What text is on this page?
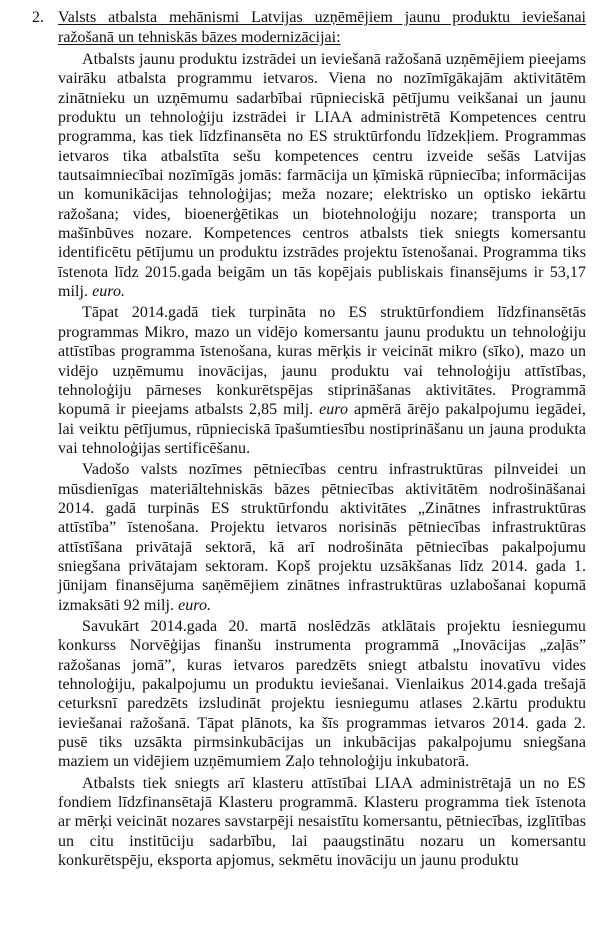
2. Valsts atbalsta mehānismi Latvijas uzņēmējiem jaunu produktu ieviešanai ražošanā un tehniskās bāzes modernizācijai:

Atbalsts jaunu produktu izstrādei un ieviešanā ražošanā uzņēmējiem pieejams vairāku atbalsta programmu ietvaros. Viena no nozīmīgākajām aktivitātēm zinātnieku un uzņēmumu sadarbībai rūpnieciskā pētījumu veikšanai un jaunu produktu un tehnoloģiju izstrādei ir LIAA administrētā Kompetences centru programma, kas tiek līdzfinansēta no ES struktūrfondu līdzekļiem. Programmas ietvaros tika atbalstīta sešu kompetences centru izveide sešās Latvijas tautsaimniecībai nozīmīgās jomās: farmācija un ķīmiskā rūpniecība; informācijas un komunikācijas tehnoloģijas; meža nozare; elektrisko un optisko iekārtu ražošana; vides, bioenerģētikas un biotehnoloģiju nozare; transporta un mašīnbūves nozare. Kompetences centros atbalsts tiek sniegts komersantu identificētu pētījumu un produktu izstrādes projektu īstenošanai. Programma tiks īstenota līdz 2015.gada beigām un tās kopējais publiskais finansējums ir 53,17 milj. euro.

Tāpat 2014.gadā tiek turpināta no ES struktūrfondiem līdzfinansētās programmas Mikro, mazo un vidējo komersantu jaunu produktu un tehnoloģiju attīstības programma īstenošana, kuras mērķis ir veicināt mikro (sīko), mazo un vidējo uzņēmumu inovācijas, jaunu produktu vai tehnoloģiju attīstības, tehnoloģiju pārneses konkurētspējas stiprināšanas aktivitātes. Programmā kopumā ir pieejams atbalsts 2,85 milj. euro apmērā ārējo pakalpojumu iegādei, lai veiktu pētījumus, rūpnieciskā īpašumtiesību nostiprināšanu un jauna produkta vai tehnoloģijas sertificēšanu.

Vadošo valsts nozīmes pētniecības centru infrastruktūras pilnveidei un mūsdienīgas materiāltehniskās bāzes pētniecības aktivitātēm nodrošināšanai 2014. gadā turpinās ES struktūrfondu aktivitātes „Zinātnes infrastruktūras attīstība” īstenošana. Projektu ietvaros norisinās pētniecības infrastruktūras attīstīšana privātajā sektorā, kā arī nodrošināta pētniecības pakalpojumu sniegšana privātajam sektoram. Kopš projektu uzsākšanas līdz 2014. gada 1. jūnijam finansējuma saņēmējiem zinātnes infrastruktūras uzlabošanai kopumā izmaksāti 92 milj. euro.

Savukārt 2014.gada 20. martā noslēdzās atklātais projektu iesniegumu konkurss Norvēģijas finanšu instrumenta programmā „Inovācijas „zaļās” ražošanas jomā”, kuras ietvaros paredzēts sniegt atbalstu inovatīvu vides tehnoloģiju, pakalpojumu un produktu ieviešanai. Vienlaikus 2014.gada trešajā ceturksnī paredzēts izsludināt projektu iesniegumu atlases 2.kārtu produktu ieviešanai ražošanā. Tāpat plānots, ka šīs programmas ietvaros 2014. gada 2. pusē tiks uzsākta pirmsinkubācijas un inkubācijas pakalpojumu sniegšana maziem un vidējiem uzņēmumiem Zaļo tehnoloģiju inkubatorā.

Atbalsts tiek sniegts arī klasteru attīstībai LIAA administrētajā un no ES fondiem līdzfinansētajā Klasteru programmā. Klasteru programma tiek īstenota ar mērķi veicināt nozares savstarpēji nesaistītu komersantu, pētniecības, izglītības un citu institūciju sadarbību, lai paaugstinātu nozaru un komersantu konkurētspēju, eksporta apjomus, sekmētu inovāciju un jaunu produktu
